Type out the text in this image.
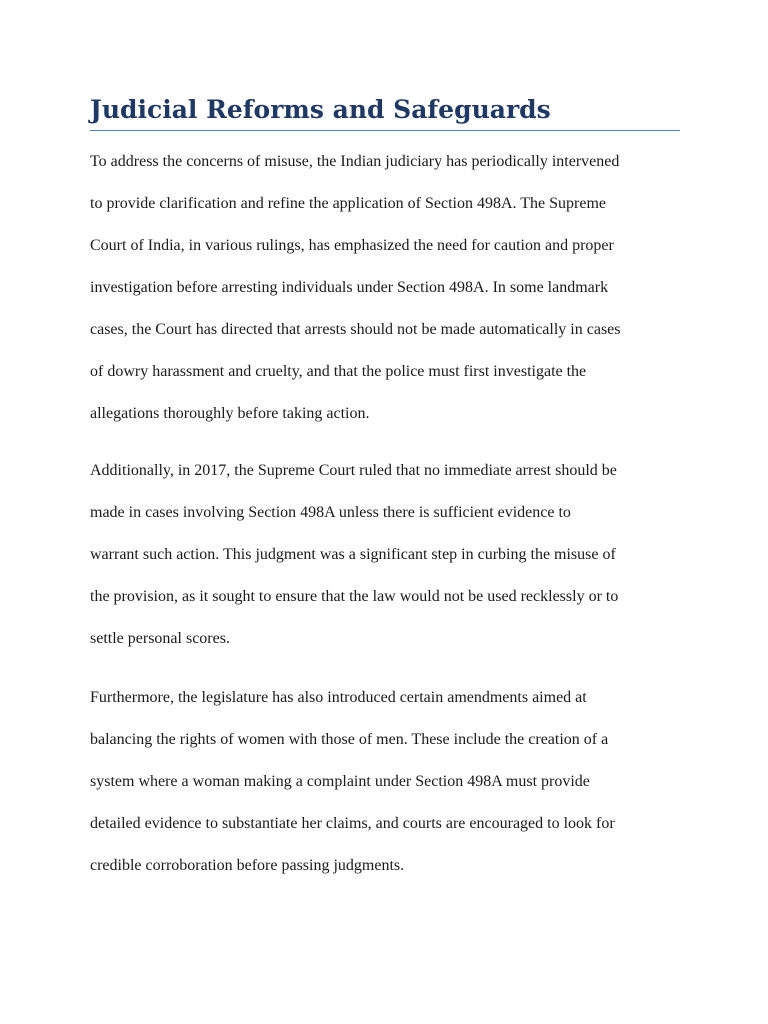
Judicial Reforms and Safeguards
To address the concerns of misuse, the Indian judiciary has periodically intervened
to provide clarification and refine the application of Section 498A. The Supreme
Court of India, in various rulings, has emphasized the need for caution and proper
investigation before arresting individuals under Section 498A. In some landmark
cases, the Court has directed that arrests should not be made automatically in cases
of dowry harassment and cruelty, and that the police must first investigate the
allegations thoroughly before taking action.
Additionally, in 2017, the Supreme Court ruled that no immediate arrest should be
made in cases involving Section 498A unless there is sufficient evidence to
warrant such action. This judgment was a significant step in curbing the misuse of
the provision, as it sought to ensure that the law would not be used recklessly or to
settle personal scores.
Furthermore, the legislature has also introduced certain amendments aimed at
balancing the rights of women with those of men. These include the creation of a
system where a woman making a complaint under Section 498A must provide
detailed evidence to substantiate her claims, and courts are encouraged to look for
credible corroboration before passing judgments.
